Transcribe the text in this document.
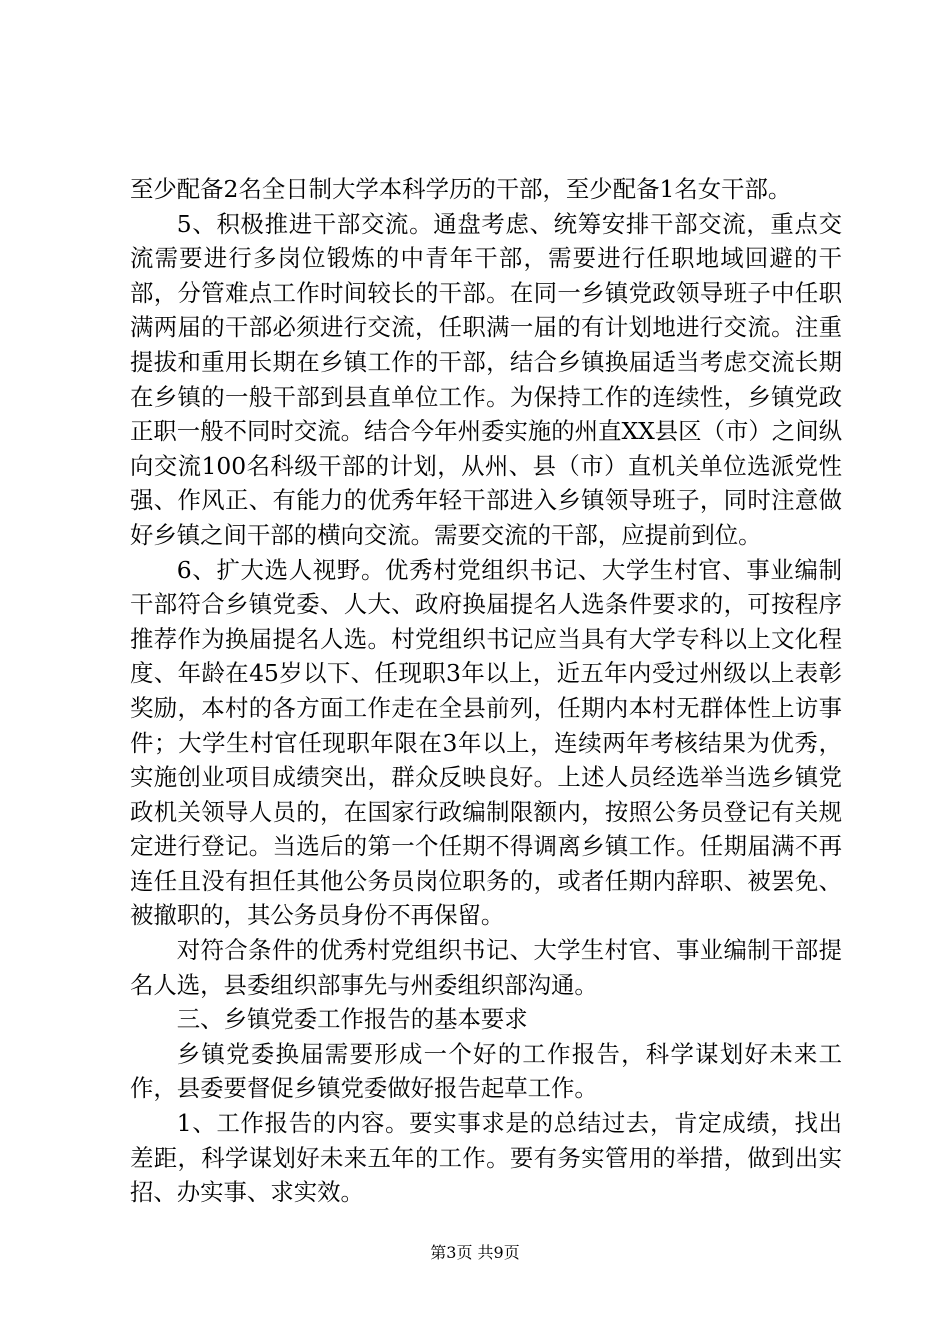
至少配备2名全日制大学本科学历的干部，至少配备1名女干部。

5、积极推进干部交流。通盘考虑、统筹安排干部交流，重点交流需要进行多岗位锻炼的中青年干部，需要进行任职地域回避的干部，分管难点工作时间较长的干部。在同一乡镇党政领导班子中任职满两届的干部必须进行交流，任职满一届的有计划地进行交流。注重提拔和重用长期在乡镇工作的干部，结合乡镇换届适当考虑交流长期在乡镇的一般干部到县直单位工作。为保持工作的连续性，乡镇党政正职一般不同时交流。结合今年州委实施的州直XX县区（市）之间纵向交流100名科级干部的计划，从州、县（市）直机关单位选派党性强、作风正、有能力的优秀年轻干部进入乡镇领导班子，同时注意做好乡镇之间干部的横向交流。需要交流的干部，应提前到位。

6、扩大选人视野。优秀村党组织书记、大学生村官、事业编制干部符合乡镇党委、人大、政府换届提名人选条件要求的，可按程序推荐作为换届提名人选。村党组织书记应当具有大学专科以上文化程度、年龄在45岁以下、任现职3年以上，近五年内受过州级以上表彰奖励，本村的各方面工作走在全县前列，任期内本村无群体性上访事件；大学生村官任现职年限在3年以上，连续两年考核结果为优秀，实施创业项目成绩突出，群众反映良好。上述人员经选举当选乡镇党政机关领导人员的，在国家行政编制限额内，按照公务员登记有关规定进行登记。当选后的第一个任期不得调离乡镇工作。任期届满不再连任且没有担任其他公务员岗位职务的，或者任期内辞职、被罢免、被撤职的，其公务员身份不再保留。

对符合条件的优秀村党组织书记、大学生村官、事业编制干部提名人选，县委组织部事先与州委组织部沟通。

三、乡镇党委工作报告的基本要求

乡镇党委换届需要形成一个好的工作报告，科学谋划好未来工作，县委要督促乡镇党委做好报告起草工作。

1、工作报告的内容。要实事求是的总结过去，肯定成绩，找出差距，科学谋划好未来五年的工作。要有务实管用的举措，做到出实招、办实事、求实效。

第3页 共9页
